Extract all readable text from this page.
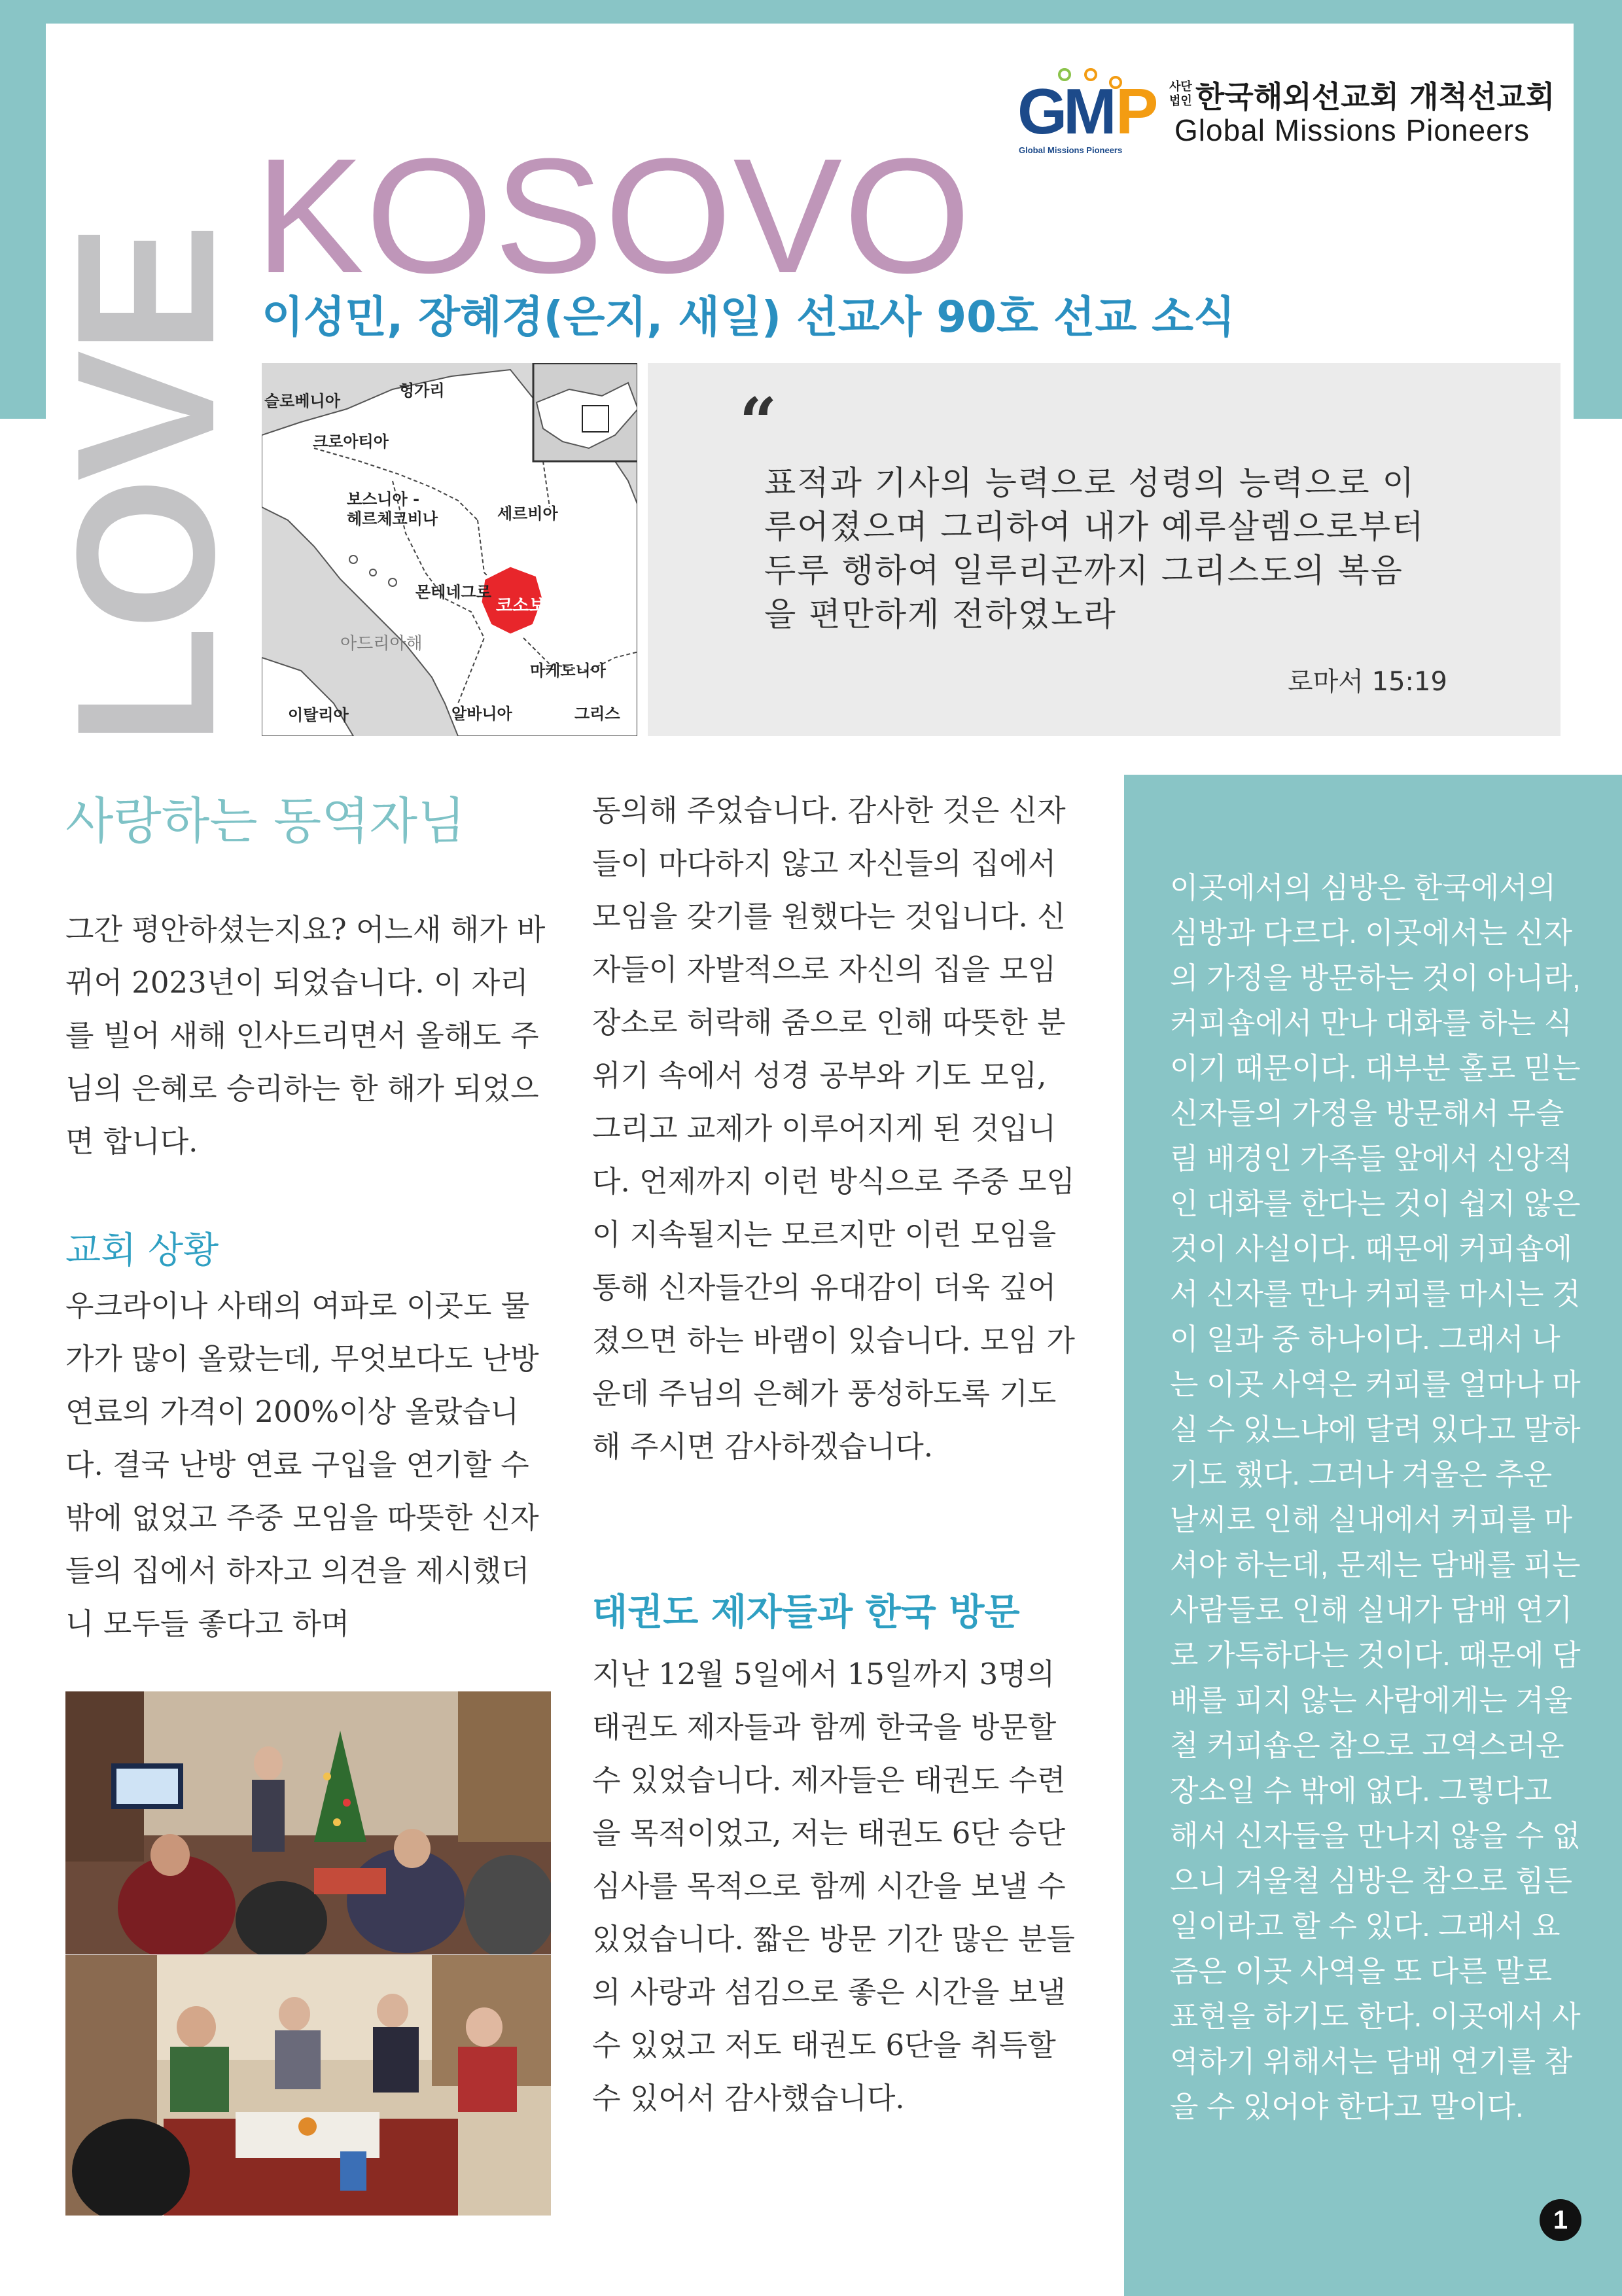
LOVE
KOSOVO
이성민, 장혜경(은지, 새일) 선교사 90호 선교 소식
G
M
P
Global Missions Pioneers
사단법인 한국해외선교회 개척선교회
Global Missions Pioneers
헝가리
슬로베니아
크로아티아
보스니아 -
헤르체코비나	세르비아
몬테네그로
코소보
아드리아해
마케도니아
이탈리아	알바니아	그리스
“
표적과 기사의 능력으로 성령의 능력으로 이루어졌으며 그리하여 내가 예루살렘으로부터 두루 행하여 일루리곤까지 그리스도의 복음을 편만하게 전하였노라
로마서 15:19
사랑하는 동역자님
그간 평안하셨는지요? 어느새 해가 바뀌어 2023년이 되었습니다. 이 자리를 빌어 새해 인사드리면서 올해도 주님의 은혜로 승리하는 한 해가 되었으면 합니다.
교회 상황
우크라이나 사태의 여파로 이곳도 물가가 많이 올랐는데, 무엇보다도 난방 연료의 가격이 200%이상 올랐습니다. 결국 난방 연료 구입을 연기할 수 밖에 없었고 주중 모임을 따뜻한 신자들의 집에서 하자고 의견을 제시했더니 모두들 좋다고 하며
동의해 주었습니다. 감사한 것은 신자들이 마다하지 않고 자신들의 집에서 모임을 갖기를 원했다는 것입니다. 신자들이 자발적으로 자신의 집을 모임 장소로 허락해 줌으로 인해 따뜻한 분위기 속에서 성경 공부와 기도 모임, 그리고 교제가 이루어지게 된 것입니다. 언제까지 이런 방식으로 주중 모임이 지속될지는 모르지만 이런 모임을 통해 신자들간의 유대감이 더욱 깊어졌으면 하는 바램이 있습니다. 모임 가운데 주님의 은혜가 풍성하도록 기도해 주시면 감사하겠습니다.
태권도 제자들과 한국 방문
지난 12월 5일에서 15일까지 3명의 태권도 제자들과 함께 한국을 방문할 수 있었습니다. 제자들은 태권도 수련을 목적이었고, 저는 태권도 6단 승단 심사를 목적으로 함께 시간을 보낼 수 있었습니다. 짧은 방문 기간 많은 분들의 사랑과 섬김으로 좋은 시간을 보낼 수 있었고 저도 태권도 6단을 취득할 수 있어서 감사했습니다.
이곳에서의 심방은 한국에서의 심방과 다르다. 이곳에서는 신자의 가정을 방문하는 것이 아니라, 커피숍에서 만나 대화를 하는 식이기 때문이다. 대부분 홀로 믿는 신자들의 가정을 방문해서 무슬림 배경인 가족들 앞에서 신앙적인 대화를 한다는 것이 쉽지 않은 것이 사실이다. 때문에 커피숍에서 신자를 만나 커피를 마시는 것이 일과 중 하나이다. 그래서 나는 이곳 사역은 커피를 얼마나 마실 수 있느냐에 달려 있다고 말하기도 했다. 그러나 겨울은 추운 날씨로 인해 실내에서 커피를 마셔야 하는데, 문제는 담배를 피는 사람들로 인해 실내가 담배 연기로 가득하다는 것이다. 때문에 담배를 피지 않는 사람에게는 겨울철 커피숍은 참으로 고역스러운 장소일 수 밖에 없다. 그렇다고 해서 신자들을 만나지 않을 수 없으니 겨울철 심방은 참으로 힘든 일이라고 할 수 있다. 그래서 요즘은 이곳 사역을 또 다른 말로 표현을 하기도 한다. 이곳에서 사역하기 위해서는 담배 연기를 참을 수 있어야 한다고 말이다.
1
